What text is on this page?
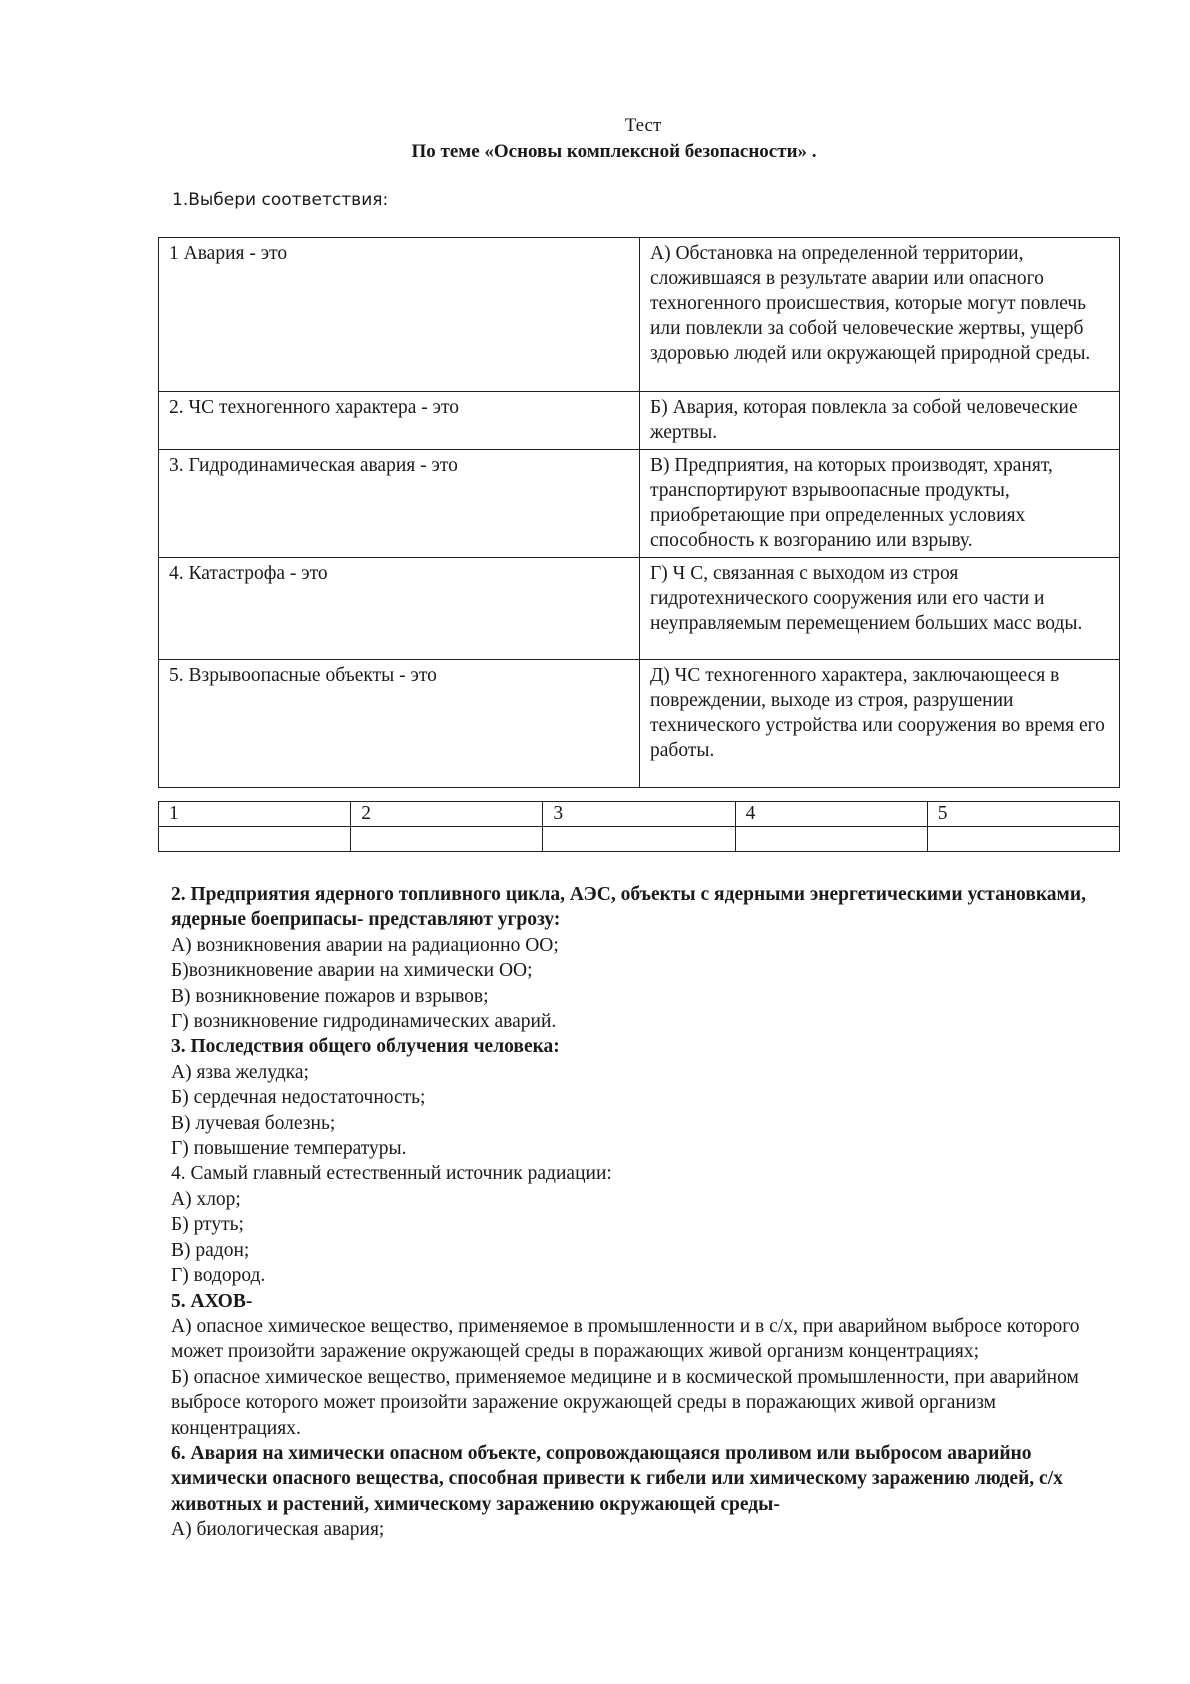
Тест
По теме «Основы комплексной безопасности» .
1.Выбери соответствия:
1 Авария - это	А) Обстановка на определенной территории, сложившаяся в результате аварии или опасного техногенного происшествия, которые могут повлечь или повлекли за собой человеческие жертвы, ущерб здоровью людей или окружающей природной среды.
2. ЧС техногенного характера - это	Б) Авария, которая повлекла за собой человеческие жертвы.
3. Гидродинамическая авария - это	В) Предприятия, на которых производят, хранят, транспортируют взрывоопасные продукты, приобретающие при определенных условиях способность к возгоранию или взрыву.
4. Катастрофа - это	Г) Ч С, связанная с выходом из строя гидротехнического сооружения или его части и неуправляемым перемещением больших масс воды.
5. Взрывоопасные объекты - это	Д) ЧС техногенного характера, заключающееся в повреждении, выходе из строя, разрушении технического устройства или сооружения во время его работы.
1	2	3	4	5

2. Предприятия ядерного топливного цикла, АЭС, объекты с ядерными энергетическими установками, ядерные боеприпасы- представляют угрозу:
А) возникновения аварии на радиационно ОО;
Б)возникновение аварии на химически ОО;
В) возникновение пожаров и взрывов;
Г) возникновение гидродинамических аварий.
3. Последствия общего облучения человека:
А) язва желудка;
Б) сердечная недостаточность;
В) лучевая болезнь;
Г) повышение температуры.
4. Самый главный естественный источник радиации:
А) хлор;
Б) ртуть;
В) радон;
Г) водород.
5. АХОВ-
А) опасное химическое вещество, применяемое в промышленности и в с/х, при аварийном выбросе которого может произойти заражение окружающей среды в поражающих живой организм концентрациях;
Б) опасное химическое вещество, применяемое медицине и в космической промышленности, при аварийном выбросе которого может произойти заражение окружающей среды в поражающих живой организм концентрациях.
6. Авария на химически опасном объекте, сопровождающаяся проливом или выбросом аварийно химически опасного вещества, способная привести к гибели или химическому заражению людей, с/х животных и растений, химическому заражению окружающей среды-
А) биологическая авария;
